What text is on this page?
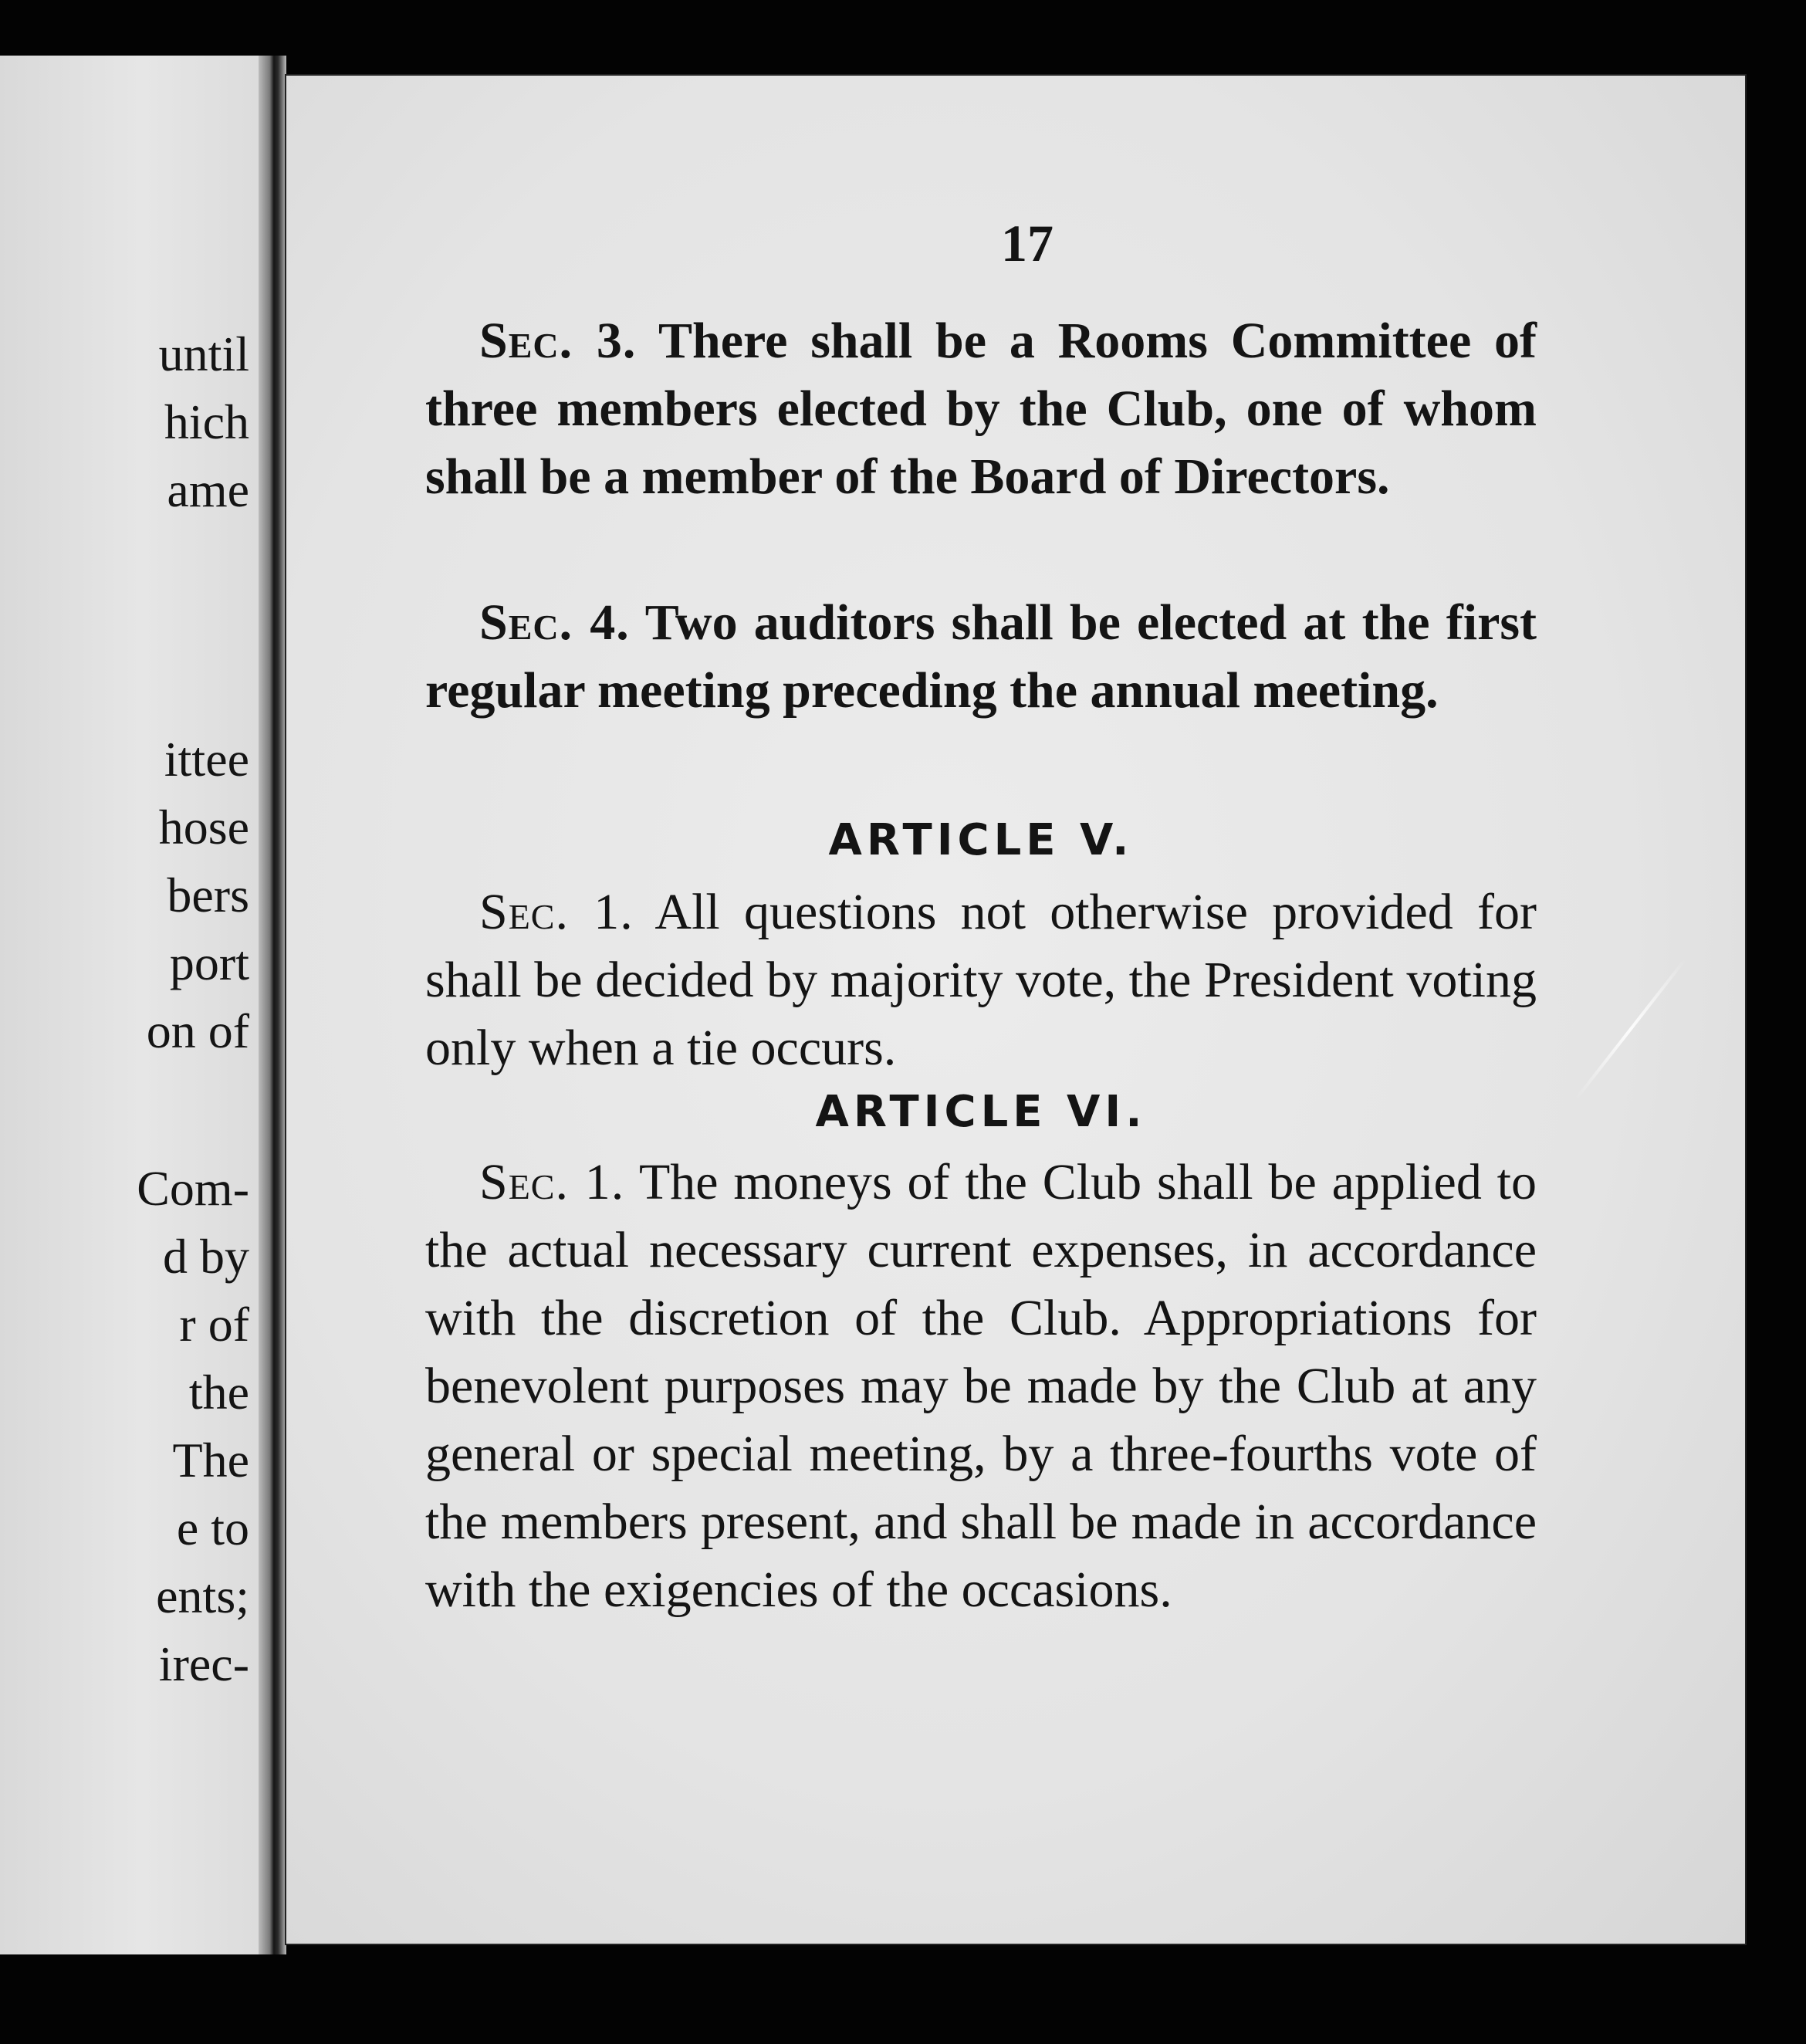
until
hich
ame
ittee
hose
bers
port
on of
Com-
d by
r of
the
The
e to
ents;
irec-
17
Sec. 3. There shall be a Rooms Committee of three members elected by the Club, one of whom shall be a member of the Board of Directors.
Sec. 4. Two auditors shall be elected at the first regular meeting preceding the annual meeting.
ARTICLE V.
Sec. 1. All questions not otherwise provided for shall be decided by majority vote, the President voting only when a tie occurs.
ARTICLE VI.
Sec. 1. The moneys of the Club shall be applied to the actual necessary current expenses, in accordance with the discretion of the Club. Appropriations for benevolent purposes may be made by the Club at any general or special meeting, by a three-fourths vote of the members present, and shall be made in accordance with the exigencies of the occasions.
